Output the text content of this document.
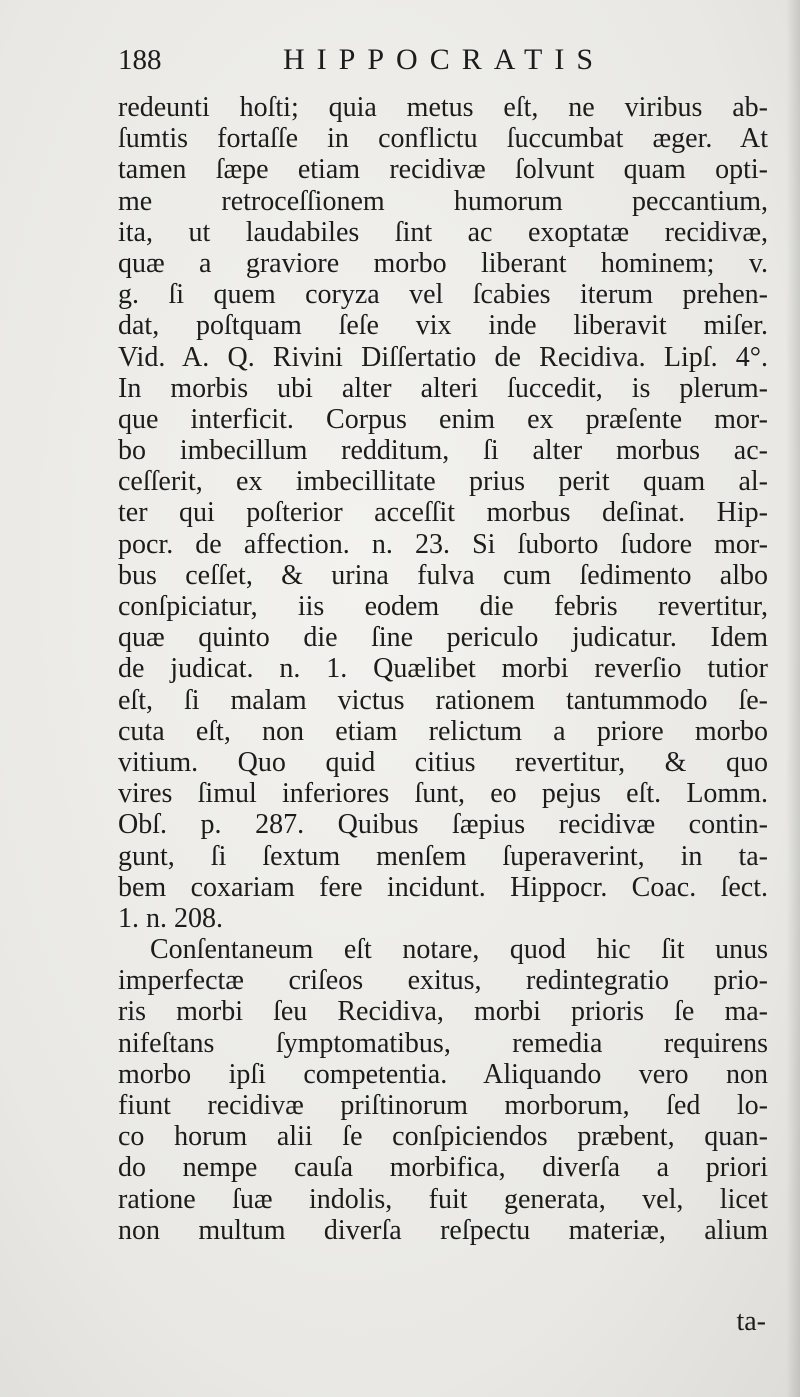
188	HIPPOCRATIS
redeunti hoſti; quia metus eſt, ne viribus ab-
ſumtis fortaſſe in conflictu ſuccumbat æger. At
tamen ſæpe etiam recidivæ ſolvunt quam opti-
me retroceſſionem humorum peccantium,
ita, ut laudabiles ſint ac exoptatæ recidivæ,
quæ a graviore morbo liberant hominem; v.
g. ſi quem coryza vel ſcabies iterum prehen-
dat, poſtquam ſeſe vix inde liberavit miſer.
Vid. A. Q. Rivini Diſſertatio de Recidiva. Lipſ. 4°.
In morbis ubi alter alteri ſuccedit, is plerum-
que interficit. Corpus enim ex præſente mor-
bo imbecillum redditum, ſi alter morbus ac-
ceſſerit, ex imbecillitate prius perit quam al-
ter qui poſterior acceſſit morbus deſinat. Hip-
pocr. de affection. n. 23. Si ſuborto ſudore mor-
bus ceſſet, & urina fulva cum ſedimento albo
conſpiciatur, iis eodem die febris revertitur,
quæ quinto die ſine periculo judicatur. Idem
de judicat. n. 1. Quælibet morbi reverſio tutior
eſt, ſi malam victus rationem tantummodo ſe-
cuta eſt, non etiam relictum a priore morbo
vitium. Quo quid citius revertitur, & quo
vires ſimul inferiores ſunt, eo pejus eſt. Lomm.
Obſ. p. 287. Quibus ſæpius recidivæ contin-
gunt, ſi ſextum menſem ſuperaverint, in ta-
bem coxariam fere incidunt. Hippocr. Coac. ſect.
1. n. 208.
Conſentaneum eſt notare, quod hic ſit unus
imperfectæ criſeos exitus, redintegratio prio-
ris morbi ſeu Recidiva, morbi prioris ſe ma-
nifeſtans ſymptomatibus, remedia requirens
morbo ipſi competentia. Aliquando vero non
fiunt recidivæ priſtinorum morborum, ſed lo-
co horum alii ſe conſpiciendos præbent, quan-
do nempe cauſa morbifica, diverſa a priori
ratione ſuæ indolis, fuit generata, vel, licet
non multum diverſa reſpectu materiæ, alium
ta-
